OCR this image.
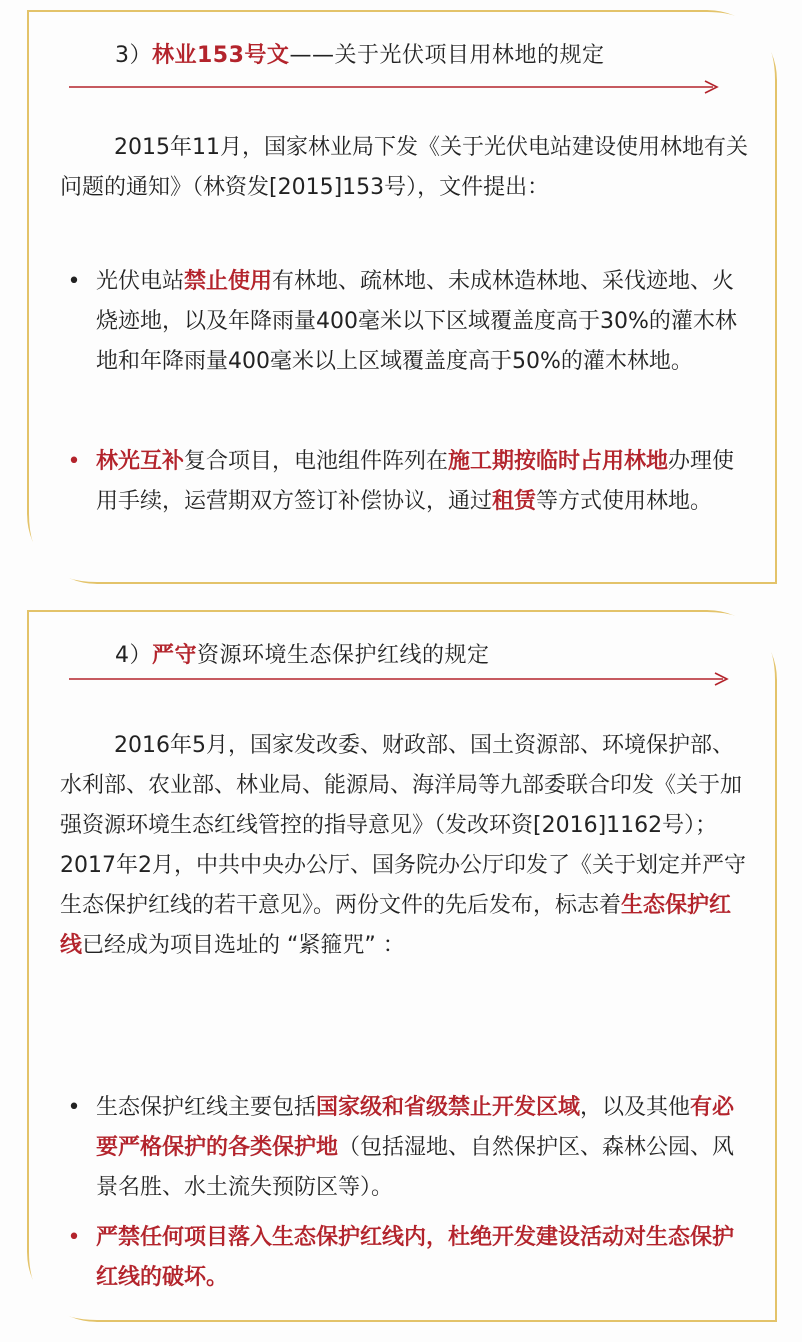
3）林业153号文——关于光伏项目用林地的规定
2015年11月，国家林业局下发《关于光伏电站建设使用林地有关问题的通知》（林资发[2015]153号），文件提出：
• 光伏电站禁止使用有林地、疏林地、未成林造林地、采伐迹地、火烧迹地，以及年降雨量400毫米以下区域覆盖度高于30%的灌木林地和年降雨量400毫米以上区域覆盖度高于50%的灌木林地。
• 林光互补复合项目，电池组件阵列在施工期按临时占用林地办理使用手续，运营期双方签订补偿协议，通过租赁等方式使用林地。
4）严守资源环境生态保护红线的规定
2016年5月，国家发改委、财政部、国土资源部、环境保护部、水利部、农业部、林业局、能源局、海洋局等九部委联合印发《关于加强资源环境生态红线管控的指导意见》（发改环资[2016]1162号）；2017年2月，中共中央办公厅、国务院办公厅印发了《关于划定并严守生态保护红线的若干意见》。两份文件的先后发布，标志着生态保护红线已经成为项目选址的 “紧箍咒” ：
• 生态保护红线主要包括国家级和省级禁止开发区域，以及其他有必要严格保护的各类保护地（包括湿地、自然保护区、森林公园、风景名胜、水土流失预防区等）。
• 严禁任何项目落入生态保护红线内，杜绝开发建设活动对生态保护红线的破坏。
